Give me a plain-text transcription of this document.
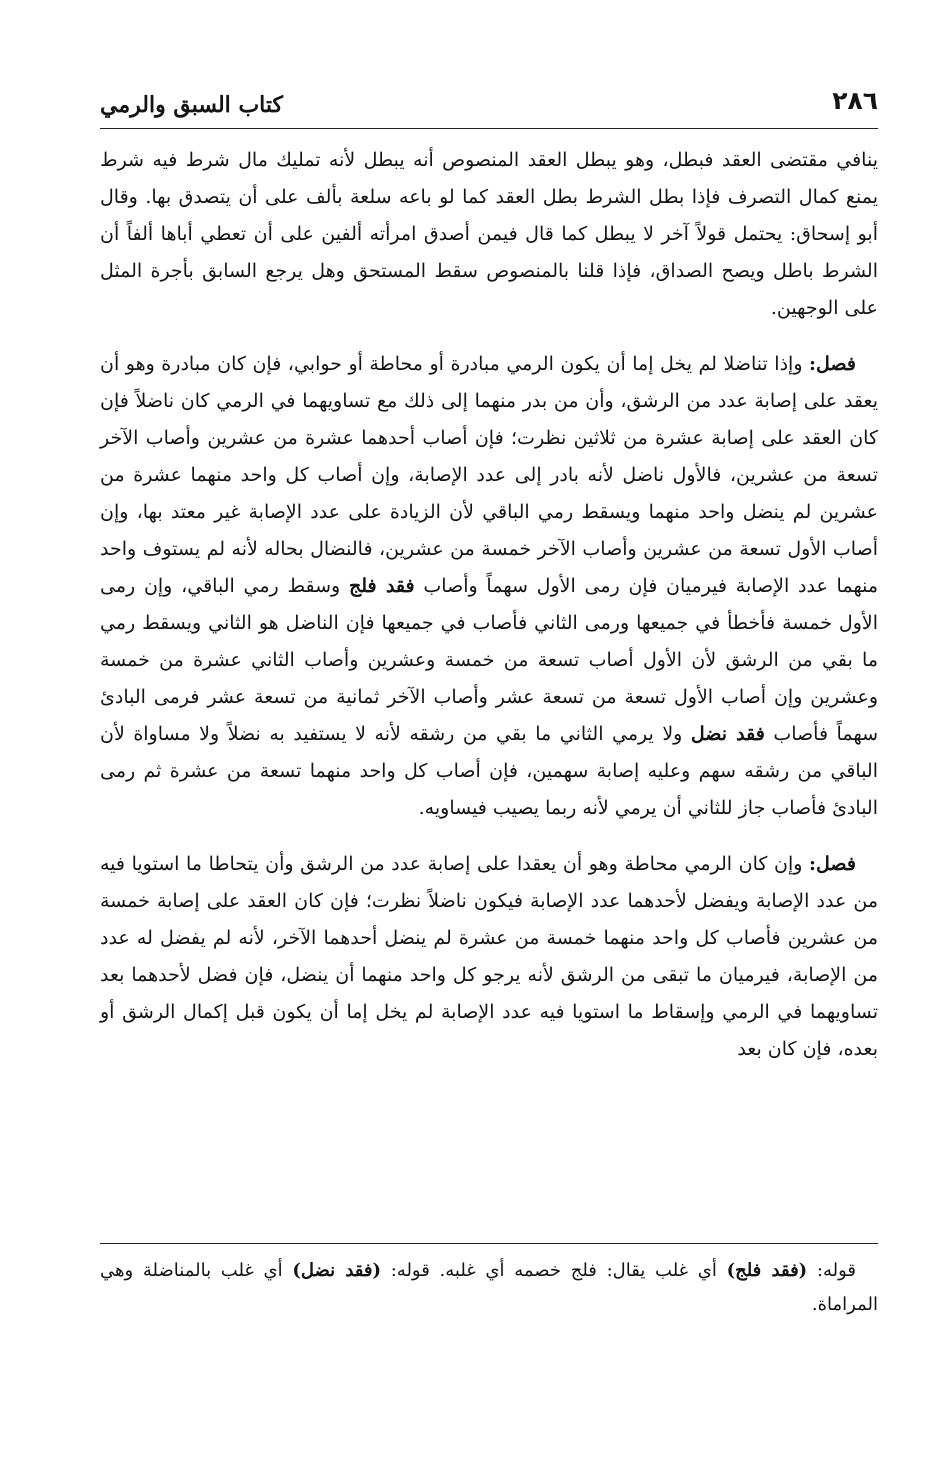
٢٨٦
كتاب السبق والرمي

ينافي مقتضى العقد فبطل، وهو يبطل العقد المنصوص أنه يبطل لأنه تمليك مال شرط فيه شرط يمنع كمال التصرف فإذا بطل الشرط بطل العقد كما لو باعه سلعة بألف على أن يتصدق بها. وقال أبو إسحاق: يحتمل قولاً آخر لا يبطل كما قال فيمن أصدق امرأته ألفين على أن تعطي أباها ألفاً أن الشرط باطل ويصح الصداق، فإذا قلنا بالمنصوص سقط المستحق وهل يرجع السابق بأجرة المثل على الوجهين.

فصل: وإذا تناضلا لم يخل إما أن يكون الرمي مبادرة أو محاطة أو حوابي، فإن كان مبادرة وهو أن يعقد على إصابة عدد من الرشق، وأن من بدر منهما إلى ذلك مع تساويهما في الرمي كان ناضلاً فإن كان العقد على إصابة عشرة من ثلاثين نظرت؛ فإن أصاب أحدهما عشرة من عشرين وأصاب الآخر تسعة من عشرين، فالأول ناضل لأنه بادر إلى عدد الإصابة، وإن أصاب كل واحد منهما عشرة من عشرين لم ينضل واحد منهما ويسقط رمي الباقي لأن الزيادة على عدد الإصابة غير معتد بها، وإن أصاب الأول تسعة من عشرين وأصاب الآخر خمسة من عشرين، فالنضال بحاله لأنه لم يستوف واحد منهما عدد الإصابة فيرميان فإن رمى الأول سهماً وأصاب فقد فلج وسقط رمي الباقي، وإن رمى الأول خمسة فأخطأ في جميعها ورمى الثاني فأصاب في جميعها فإن الناضل هو الثاني ويسقط رمي ما بقي من الرشق لأن الأول أصاب تسعة من خمسة وعشرين وأصاب الثاني عشرة من خمسة وعشرين وإن أصاب الأول تسعة من تسعة عشر وأصاب الآخر ثمانية من تسعة عشر فرمى البادئ سهماً فأصاب فقد نضل ولا يرمي الثاني ما بقي من رشقه لأنه لا يستفيد به نضلاً ولا مساواة لأن الباقي من رشقه سهم وعليه إصابة سهمين، فإن أصاب كل واحد منهما تسعة من عشرة ثم رمى البادئ فأصاب جاز للثاني أن يرمي لأنه ربما يصيب فيساويه.

فصل: وإن كان الرمي محاطة وهو أن يعقدا على إصابة عدد من الرشق وأن يتحاطا ما استويا فيه من عدد الإصابة ويفضل لأحدهما عدد الإصابة فيكون ناضلاً نظرت؛ فإن كان العقد على إصابة خمسة من عشرين فأصاب كل واحد منهما خمسة من عشرة لم ينضل أحدهما الآخر، لأنه لم يفضل له عدد من الإصابة، فيرميان ما تبقى من الرشق لأنه يرجو كل واحد منهما أن ينضل، فإن فضل لأحدهما بعد تساويهما في الرمي وإسقاط ما استويا فيه عدد الإصابة لم يخل إما أن يكون قبل إكمال الرشق أو بعده، فإن كان بعد

قوله: (فقد فلج) أي غلب يقال: فلج خصمه أي غلبه. قوله: (فقد نضل) أي غلب بالمناضلة وهي المراماة.
